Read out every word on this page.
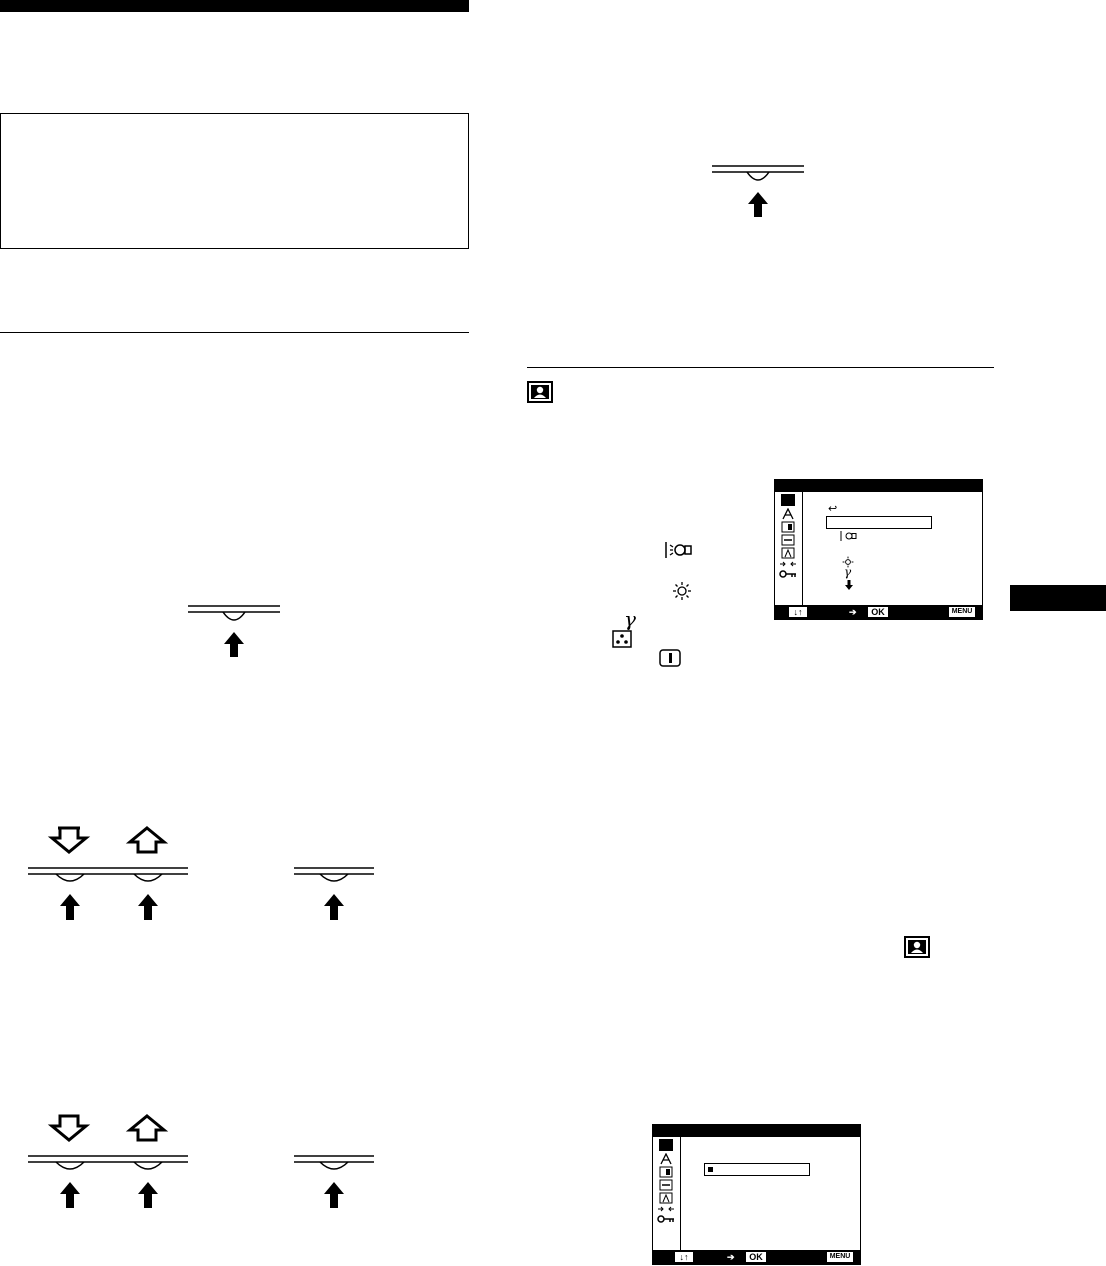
γ
↩
γ
↓↑	➔	OK	MENU
↓↑	➔	OK	MENU
